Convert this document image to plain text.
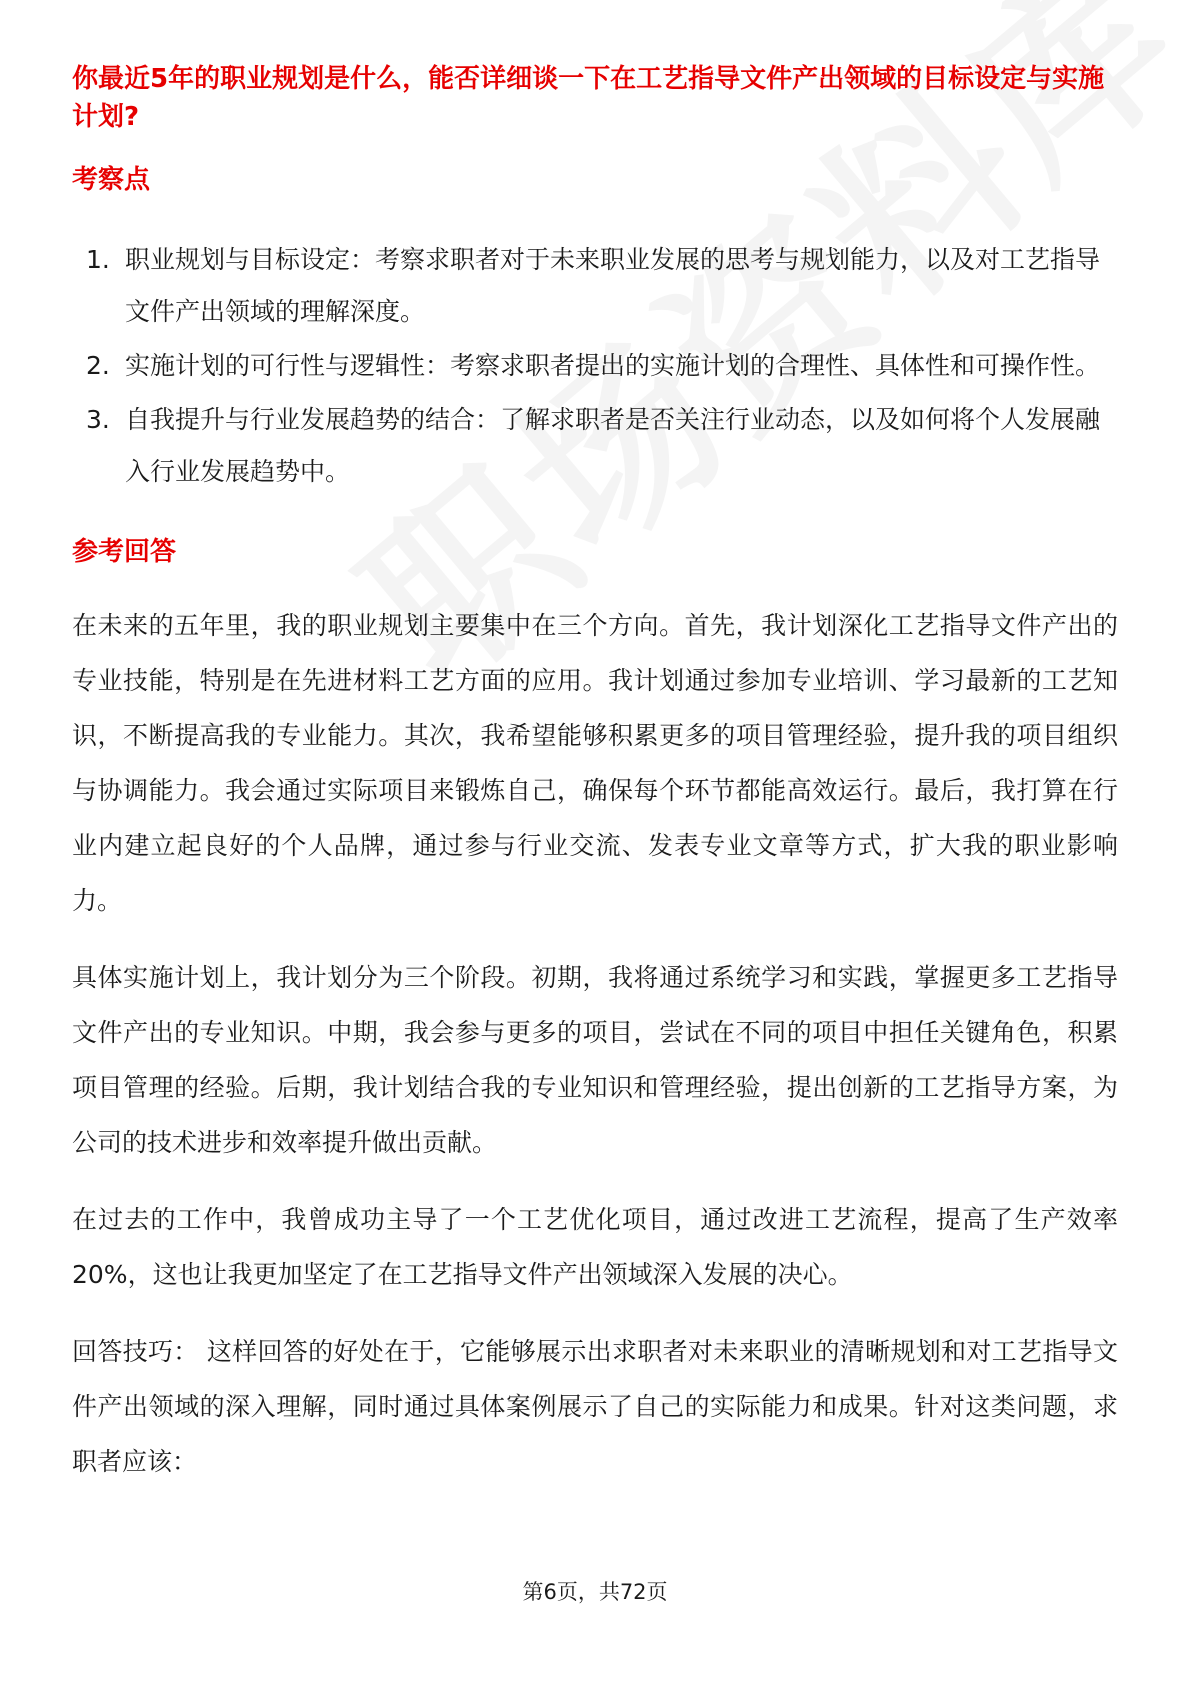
你最近5年的职业规划是什么，能否详细谈一下在工艺指导文件产出领域的目标设定与实施计划?

考察点

1. 职业规划与目标设定：考察求职者对于未来职业发展的思考与规划能力，以及对工艺指导文件产出领域的理解深度。
2. 实施计划的可行性与逻辑性：考察求职者提出的实施计划的合理性、具体性和可操作性。
3. 自我提升与行业发展趋势的结合：了解求职者是否关注行业动态，以及如何将个人发展融入行业发展趋势中。

参考回答

在未来的五年里，我的职业规划主要集中在三个方向。首先，我计划深化工艺指导文件产出的专业技能，特别是在先进材料工艺方面的应用。我计划通过参加专业培训、学习最新的工艺知识，不断提高我的专业能力。其次，我希望能够积累更多的项目管理经验，提升我的项目组织与协调能力。我会通过实际项目来锻炼自己，确保每个环节都能高效运行。最后，我打算在行业内建立起良好的个人品牌，通过参与行业交流、发表专业文章等方式，扩大我的职业影响力。

具体实施计划上，我计划分为三个阶段。初期，我将通过系统学习和实践，掌握更多工艺指导文件产出的专业知识。中期，我会参与更多的项目，尝试在不同的项目中担任关键角色，积累项目管理的经验。后期，我计划结合我的专业知识和管理经验，提出创新的工艺指导方案，为公司的技术进步和效率提升做出贡献。

在过去的工作中，我曾成功主导了一个工艺优化项目，通过改进工艺流程，提高了生产效率20%，这也让我更加坚定了在工艺指导文件产出领域深入发展的决心。

回答技巧： 这样回答的好处在于，它能够展示出求职者对未来职业的清晰规划和对工艺指导文件产出领域的深入理解，同时通过具体案例展示了自己的实际能力和成果。针对这类问题，求职者应该：

第6页，共72页
